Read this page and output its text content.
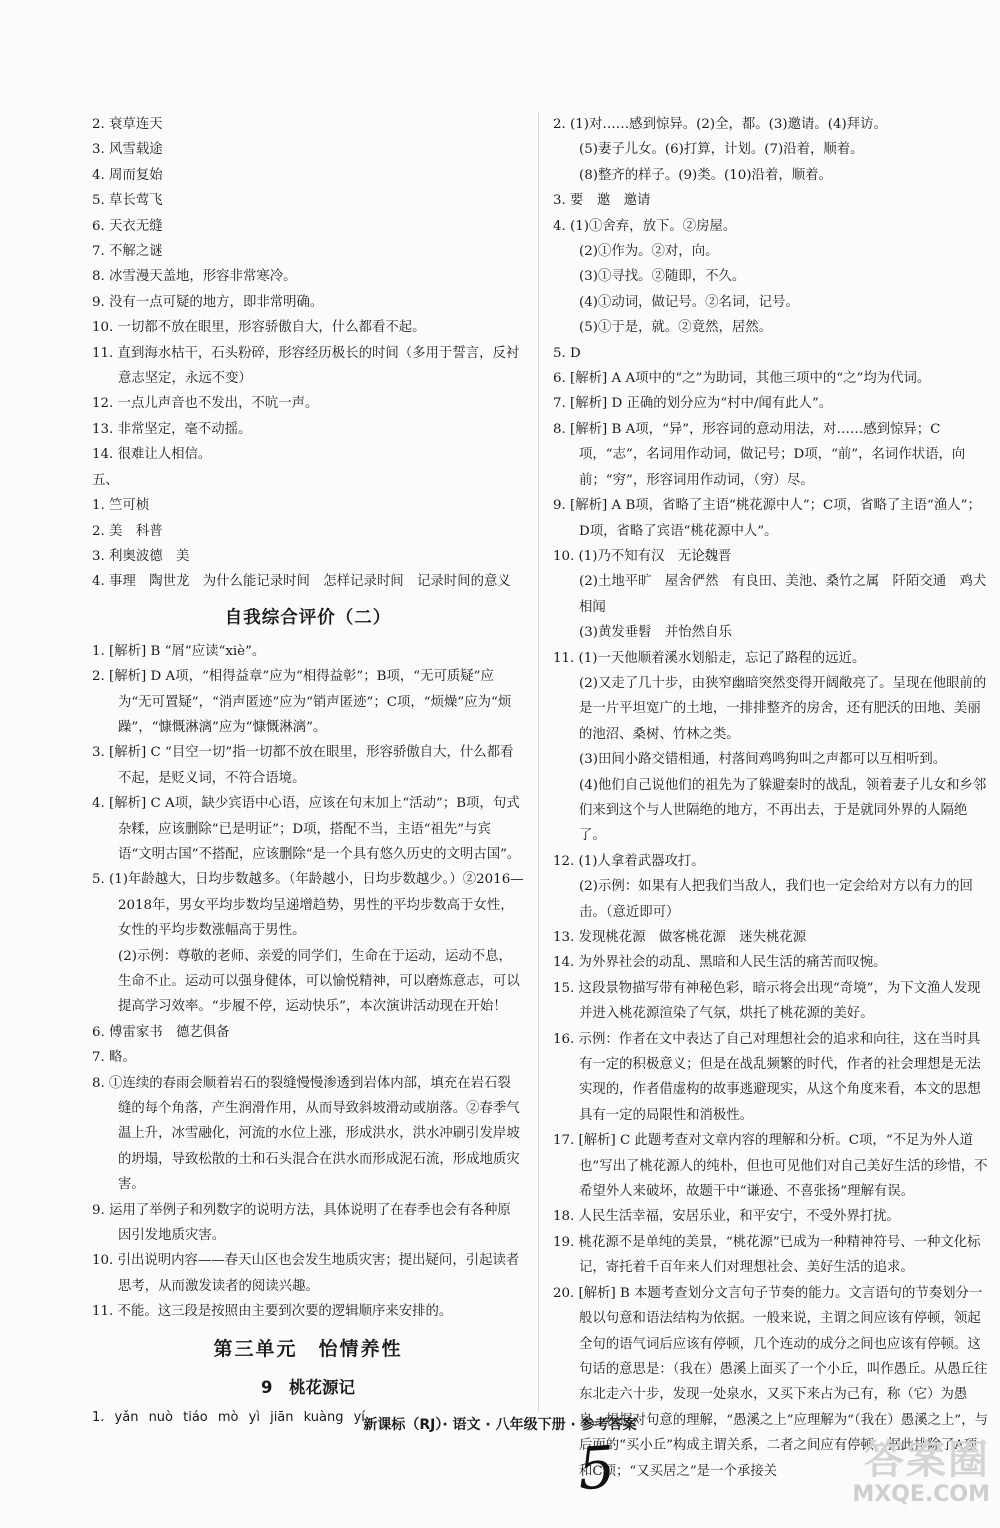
2. 衰草连天

3. 风雪载途

4. 周而复始

5. 草长莺飞

6. 天衣无缝

7. 不解之谜

8. 冰雪漫天盖地，形容非常寒冷。

9. 没有一点可疑的地方，即非常明确。

10. 一切都不放在眼里，形容骄傲自大，什么都看不起。

11. 直到海水枯干，石头粉碎，形容经历极长的时间（多用于誓言，反衬意志坚定，永远不变）

12. 一点儿声音也不发出，不吭一声。

13. 非常坚定，毫不动摇。

14. 很难让人相信。

五、

1. 竺可桢

2. 美　科普

3. 利奥波德　美

4. 事理　陶世龙　为什么能记录时间　怎样记录时间　记录时间的意义

自我综合评价（二）

1. [解析] B “屑”应读“xiè”。

2. [解析] D A项，“相得益章”应为“相得益彰”；B项，“无可质疑”应为“无可置疑”，“消声匿迹”应为“销声匿迹”；C项，“烦燥”应为“烦躁”，“慷慨淋漓”应为“慷慨淋漓”。

3. [解析] C “目空一切”指一切都不放在眼里，形容骄傲自大，什么都看不起，是贬义词，不符合语境。

4. [解析] C A项，缺少宾语中心语，应该在句末加上“活动”；B项，句式杂糅，应该删除“已是明证”；D项，搭配不当，主语“祖先”与宾语“文明古国”不搭配，应该删除“是一个具有悠久历史的文明古国”。

5. (1)年龄越大，日均步数越多。（年龄越小，日均步数越少。）②2016—2018年，男女平均步数均呈递增趋势，男性的平均步数高于女性，女性的平均步数涨幅高于男性。

(2)示例：尊敬的老师、亲爱的同学们，生命在于运动，运动不息，生命不止。运动可以强身健体，可以愉悦精神，可以磨炼意志，可以提高学习效率。“步履不停，运动快乐”，本次演讲活动现在开始！

6. 傅雷家书　德艺俱备

7. 略。

8. ①连续的春雨会顺着岩石的裂缝慢慢渗透到岩体内部，填充在岩石裂缝的每个角落，产生润滑作用，从而导致斜坡滑动或崩落。②春季气温上升，冰雪融化，河流的水位上涨，形成洪水，洪水冲刷引发岸坡的坍塌，导致松散的土和石头混合在洪水而形成泥石流，形成地质灾害。

9. 运用了举例子和列数字的说明方法，具体说明了在春季也会有各种原因引发地质灾害。

10. 引出说明内容——春天山区也会发生地质灾害；提出疑问，引起读者思考，从而激发读者的阅读兴趣。

11. 不能。这三段是按照由主要到次要的逻辑顺序来安排的。

第三单元　怡情养性
9　桃花源记

1. yǎn nuò tiáo mò yì jiān kuàng yí

2. (1)对……感到惊异。(2)全，都。(3)邀请。(4)拜访。

(5)妻子儿女。(6)打算，计划。(7)沿着，顺着。

(8)整齐的样子。(9)类。(10)沿着，顺着。

3. 要　邀　邀请

4. (1)①舍弃，放下。②房屋。

(2)①作为。②对，向。

(3)①寻找。②随即，不久。

(4)①动词，做记号。②名词，记号。

(5)①于是，就。②竟然，居然。

5. D

6. [解析] A A项中的“之”为助词，其他三项中的“之”均为代词。

7. [解析] D 正确的划分应为“村中/闻有此人”。

8. [解析] B A项，“异”，形容词的意动用法，对……感到惊异；C项，“志”，名词用作动词，做记号；D项，“前”，名词作状语，向前；“穷”，形容词用作动词，（穷）尽。

9. [解析] A B项，省略了主语“桃花源中人”；C项，省略了主语“渔人”；D项，省略了宾语“桃花源中人”。

10. (1)乃不知有汉　无论魏晋

(2)土地平旷　屋舍俨然　有良田、美池、桑竹之属　阡陌交通　鸡犬相闻

(3)黄发垂髫　并怡然自乐

11. (1)一天他顺着溪水划船走，忘记了路程的远近。

(2)又走了几十步，由狭窄幽暗突然变得开阔敞亮了。呈现在他眼前的是一片平坦宽广的土地，一排排整齐的房舍，还有肥沃的田地、美丽的池沼、桑树、竹林之类。

(3)田间小路交错相通，村落间鸡鸣狗叫之声都可以互相听到。

(4)他们自己说他们的祖先为了躲避秦时的战乱，领着妻子儿女和乡邻们来到这个与人世隔绝的地方，不再出去，于是就同外界的人隔绝了。

12. (1)人拿着武器攻打。

(2)示例：如果有人把我们当敌人，我们也一定会给对方以有力的回击。（意近即可）

13. 发现桃花源　做客桃花源　迷失桃花源

14. 为外界社会的动乱、黑暗和人民生活的痛苦而叹惋。

15. 这段景物描写带有神秘色彩，暗示将会出现“奇境”，为下文渔人发现并进入桃花源渲染了气氛，烘托了桃花源的美好。

16. 示例：作者在文中表达了自己对理想社会的追求和向往，这在当时具有一定的积极意义；但是在战乱频繁的时代，作者的社会理想是无法实现的，作者借虚构的故事逃避现实，从这个角度来看，本文的思想具有一定的局限性和消极性。

17. [解析] C 此题考查对文章内容的理解和分析。C项，“不足为外人道也”写出了桃花源人的纯朴，但也可见他们对自己美好生活的珍惜，不希望外人来破坏，故题干中“谦逊、不喜张扬”理解有误。

18. 人民生活幸福，安居乐业，和平安宁，不受外界打扰。

19. 桃花源不是单纯的美景，“桃花源”已成为一种精神符号、一种文化标记，寄托着千百年来人们对理想社会、美好生活的追求。

20. [解析] B 本题考查划分文言句子节奏的能力。文言语句的节奏划分一般以句意和语法结构为依据。一般来说，主谓之间应该有停顿，领起全句的语气词后应该有停顿，几个连动的成分之间也应该有停顿。这句话的意思是：（我在）愚溪上面买了一个小丘，叫作愚丘。从愚丘往东北走六十步，发现一处泉水，又买下来占为己有，称（它）为愚泉。根据对句意的理解，“愚溪之上”应理解为“（我在）愚溪之上”，与后面的“买小丘”构成主谓关系，二者之间应有停顿，据此排除了A项和C项；“又买居之”是一个承接关

新课标（RJ）· 语文 · 八年级下册 · 参考答案
5	答案圈
MXQE.COM
